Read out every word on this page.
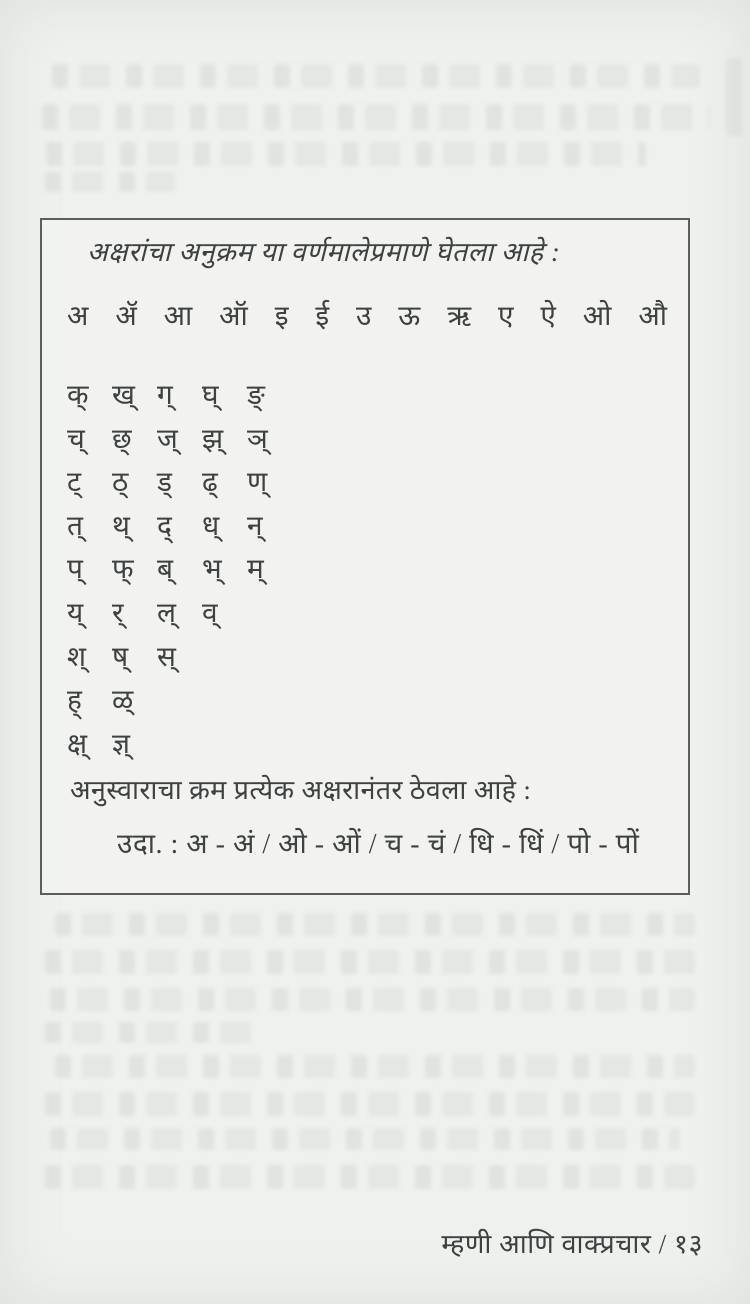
अक्षरांचा अनुक्रम या वर्णमालेप्रमाणे घेतला आहे :
अ ॲ आ ऑ इ ई उ ऊ ऋ ए ऐ ओ औ
क् ख् ग्	घ्	ङ्
च् छ् ज् झ् ञ्
ट्	ठ्	ड्	ढ्	ण्
त्	थ् द्	ध् न्
प्	फ् ब्	भ् म्
य्	र्	ल् व्
श् ष्	स्
ह्	ळ्
क्ष् ज्ञ्
अनुस्वाराचा क्रम प्रत्येक अक्षरानंतर ठेवला आहे :
उदा. : अ - अं / ओ - ओं / च - चं / धि - धिं / पो - पों
म्हणी आणि वाक्प्रचार / १३
